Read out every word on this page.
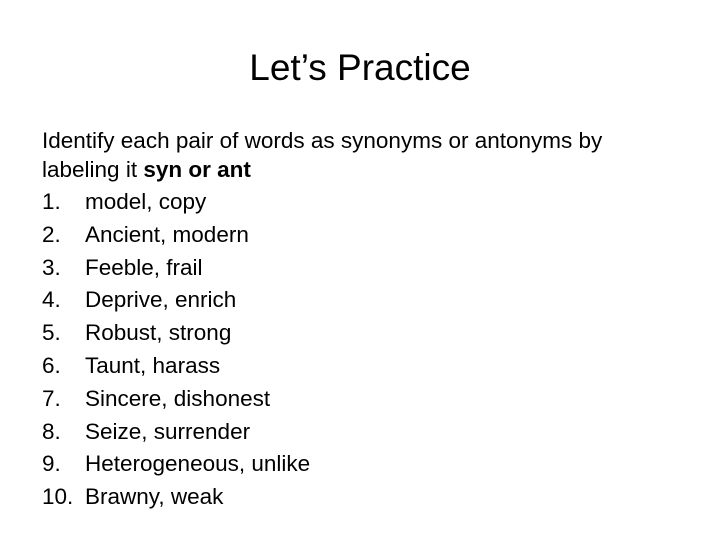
Let’s Practice

Identify each pair of words as synonyms or antonyms by labeling it syn or ant

1.	model, copy
2.	Ancient, modern
3.	Feeble, frail
4.	Deprive, enrich
5.	Robust, strong
6.	Taunt, harass
7.	Sincere, dishonest
8.	Seize, surrender
9.	Heterogeneous, unlike
10. Brawny, weak
